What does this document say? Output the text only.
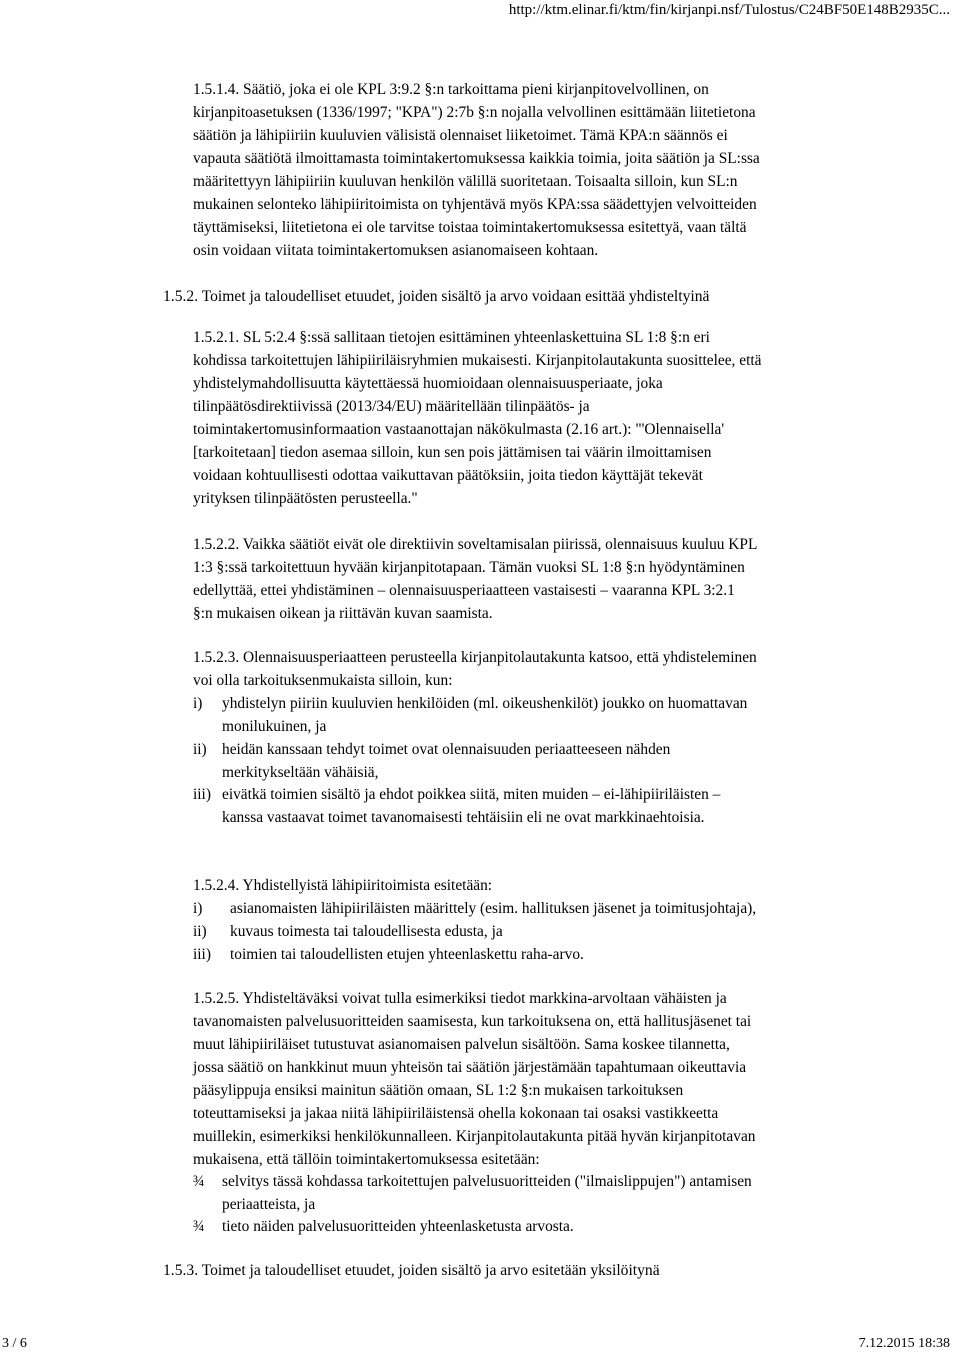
http://ktm.elinar.fi/ktm/fin/kirjanpi.nsf/Tulostus/C24BF50E148B2935C...
1.5.1.4. Säätiö, joka ei ole KPL 3:9.2 §:n tarkoittama pieni kirjanpitovelvollinen, on
kirjanpitoasetuksen (1336/1997; "KPA") 2:7b §:n nojalla velvollinen esittämään liitetietona
säätiön ja lähipiiriin kuuluvien välisistä olennaiset liiketoimet. Tämä KPA:n säännös ei
vapauta säätiötä ilmoittamasta toimintakertomuksessa kaikkia toimia, joita säätiön ja SL:ssa
määritettyyn lähipiiriin kuuluvan henkilön välillä suoritetaan. Toisaalta silloin, kun SL:n
mukainen selonteko lähipiiritoimista on tyhjentävä myös KPA:ssa säädettyjen velvoitteiden
täyttämiseksi, liitetietona ei ole tarvitse toistaa toimintakertomuksessa esitettyä, vaan tältä
osin voidaan viitata toimintakertomuksen asianomaiseen kohtaan.
1.5.2. Toimet ja taloudelliset etuudet, joiden sisältö ja arvo voidaan esittää yhdisteltyinä
1.5.2.1. SL 5:2.4 §:ssä sallitaan tietojen esittäminen yhteenlaskettuina SL 1:8 §:n eri
kohdissa tarkoitettujen lähipiiriläisryhmien mukaisesti. Kirjanpitolautakunta suosittelee, että
yhdistelymahdollisuutta käytettäessä huomioidaan olennaisuusperiaate, joka
tilinpäätösdirektiivissä (2013/34/EU) määritellään tilinpäätös- ja
toimintakertomusinformaation vastaanottajan näkökulmasta (2.16 art.): "'Olennaisella'
[tarkoitetaan] tiedon asemaa silloin, kun sen pois jättämisen tai väärin ilmoittamisen
voidaan kohtuullisesti odottaa vaikuttavan päätöksiin, joita tiedon käyttäjät tekevät
yrityksen tilinpäätösten perusteella."
1.5.2.2. Vaikka säätiöt eivät ole direktiivin soveltamisalan piirissä, olennaisuus kuuluu KPL
1:3 §:ssä tarkoitettuun hyvään kirjanpitotapaan. Tämän vuoksi SL 1:8 §:n hyödyntäminen
edellyttää, ettei yhdistäminen – olennaisuusperiaatteen vastaisesti – vaaranna KPL 3:2.1
§:n mukaisen oikean ja riittävän kuvan saamista.
1.5.2.3. Olennaisuusperiaatteen perusteella kirjanpitolautakunta katsoo, että yhdisteleminen
voi olla tarkoituksenmukaista silloin, kun:
i) yhdistelyn piiriin kuuluvien henkilöiden (ml. oikeushenkilöt) joukko on huomattavan
monilukuinen, ja
ii) heidän kanssaan tehdyt toimet ovat olennaisuuden periaatteeseen nähden
merkitykseltään vähäisiä,
iii) eivätkä toimien sisältö ja ehdot poikkea siitä, miten muiden – ei-lähipiiriläisten –
kanssa vastaavat toimet tavanomaisesti tehtäisiin eli ne ovat markkinaehtoisia.
1.5.2.4. Yhdistellyistä lähipiiritoimista esitetään:
i) asianomaisten lähipiiriläisten määrittely (esim. hallituksen jäsenet ja toimitusjohtaja),
ii) kuvaus toimesta tai taloudellisesta edusta, ja
iii) toimien tai taloudellisten etujen yhteenlaskettu raha-arvo.
1.5.2.5. Yhdisteltäväksi voivat tulla esimerkiksi tiedot markkina-arvoltaan vähäisten ja
tavanomaisten palvelusuoritteiden saamisesta, kun tarkoituksena on, että hallitusjäsenet tai
muut lähipiiriläiset tutustuvat asianomaisen palvelun sisältöön. Sama koskee tilannetta,
jossa säätiö on hankkinut muun yhteisön tai säätiön järjestämään tapahtumaan oikeuttavia
pääsylippuja ensiksi mainitun säätiön omaan, SL 1:2 §:n mukaisen tarkoituksen
toteuttamiseksi ja jakaa niitä lähipiiriläistensä ohella kokonaan tai osaksi vastikkeetta
muillekin, esimerkiksi henkilökunnalleen. Kirjanpitolautakunta pitää hyvän kirjanpitotavan
mukaisena, että tällöin toimintakertomuksessa esitetään:
¾ selvitys tässä kohdassa tarkoitettujen palvelusuoritteiden ("ilmaislippujen") antamisen
periaatteista, ja
¾ tieto näiden palvelusuoritteiden yhteenlasketusta arvosta.
1.5.3. Toimet ja taloudelliset etuudet, joiden sisältö ja arvo esitetään yksilöitynä
3 / 6	7.12.2015 18:38
